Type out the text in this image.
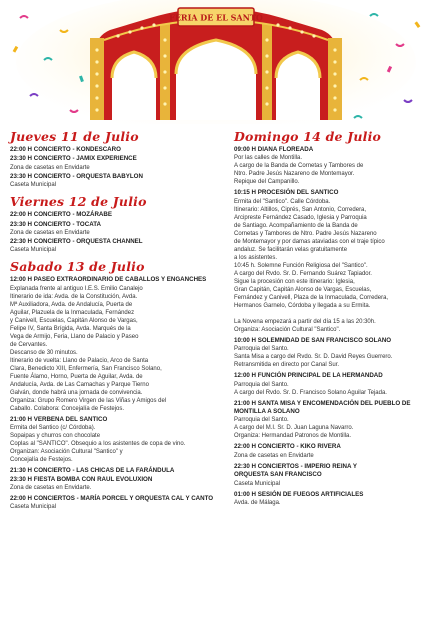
FERIA DE EL SANTO
Jueves 11 de Julio
22:00 H CONCIERTO - KONDESCARO
23:30 H CONCIERTO - JAMIX EXPERIENCE
Zona de casetas en Envidarte
23:30 H CONCIERTO - ORQUESTA BABYLON
Caseta Municipal
Viernes 12 de Julio
22:00 H CONCIERTO - MOZÁRABE
23:30 H CONCIERTO - TOCATA
Zona de casetas en Envidarte
22:30 H CONCIERTO - ORQUESTA CHANNEL
Caseta Municipal
Sabado 13 de Julio
12:00 H PASEO EXTRAORDINARIO DE CABALLOS Y ENGANCHES
Explanada frente al antiguo I.E.S. Emilio Canalejo
Itinerario de ida: Avda. de la Constitución, Avda.
Mª Auxiliadora, Avda. de Andalucía, Puerta de
Aguilar, Plazuela de la Inmaculada, Fernández
y Canivell, Escuelas, Capitán Alonso de Vargas,
Felipe IV, Santa Brígida, Avda. Marqués de la
Vega de Armijo, Feria, Llano de Palacio y Paseo
de Cervantes.
Descanso de 30 minutos.
Itinerario de vuelta: Llano de Palacio, Arco de Santa
Clara, Benedicto XIII, Enfermería, San Francisco Solano,
Fuente Álamo, Horno, Puerta de Aguilar, Avda. de
Andalucía, Avda. de Las Camachas y Parque Tierno
Galván, donde habrá una jornada de convivencia.
Organiza: Grupo Romero Virgen de las Viñas y Amigos del
Caballo. Colabora: Concejalía de Festejos.
21:00 H VERBENA DEL SANTICO
Ermita del Santico (c/ Córdoba).
Sopaipas y churros con chocolate
Coplas al "SANTICO". Obsequio a los asistentes de copa de vino.
Organizan: Asociación Cultural "Santico" y
Concejalía de Festejos.
21:30 H CONCIERTO - LAS CHICAS DE LA FARÁNDULA
23:30 H FIESTA BOMBA CON RAUL EVOLUXION
Zona de casetas en Envidarte.
22:00 H CONCIERTOS - MARÍA PORCEL Y ORQUESTA CAL Y CANTO
Caseta Municipal
Domingo 14 de Julio
09:00 H DIANA FLOREADA
Por las calles de Montilla.
A cargo de la Banda de Cornetas y Tambores de
Ntro. Padre Jesús Nazareno de Montemayor.
Repique del Campanillo.
10:15 H PROCESIÓN DEL SANTICO
Ermita del "Santico". Calle Córdoba.
Itinerario: Altillos, Ciprés, San Antonio, Corredera,
Arcipreste Fernández Casado, Iglesia y Parroquia
de Santiago. Acompañamiento de la Banda de
Cornetas y Tambores de Ntro. Padre Jesús Nazareno
de Montemayor y por damas ataviadas con el traje típico
andaluz. Se facilitarán velas gratuitamente
a los asistentes.
10:45 h. Solemne Función Religiosa del "Santico".
A cargo del Rvdo. Sr. D. Fernando Suárez Tapiador.
Sigue la procesión con este itinerario: Iglesia,
Gran Capitán, Capitán Alonso de Vargas, Escuelas,
Fernández y Canivell, Plaza de la Inmaculada, Corredera,
Hermanos Garnelo, Córdoba y llegada a su Ermita.

La Novena empezará a partir del día 15 a las 20:30h.
Organiza: Asociación Cultural "Santico".
10:00 H SOLEMNIDAD DE SAN FRANCISCO SOLANO
Parroquia del Santo.
Santa Misa a cargo del Rvdo. Sr. D. David Reyes Guerrero.
Retransmitida en directo por Canal Sur.
12:00 H FUNCIÓN PRINCIPAL DE LA HERMANDAD
Parroquia del Santo.
A cargo del Rvdo. Sr. D. Francisco Solano Aguilar Tejada.
21:00 H SANTA MISA Y ENCOMENDACIÓN DEL PUEBLO DE
MONTILLA A SOLANO
Parroquia del Santo.
A cargo del M.I. Sr. D. Juan Laguna Navarro.
Organiza: Hermandad Patronos de Montilla.
22:00 H CONCIERTO - KIKO RIVERA
Zona de casetas en Envidarte
22:30 H CONCIERTOS - IMPERIO REINA Y
ORQUESTA SAN FRANCISCO
Caseta Municipal
01:00 H SESIÓN DE FUEGOS ARTIFICIALES
Avda. de Málaga.
